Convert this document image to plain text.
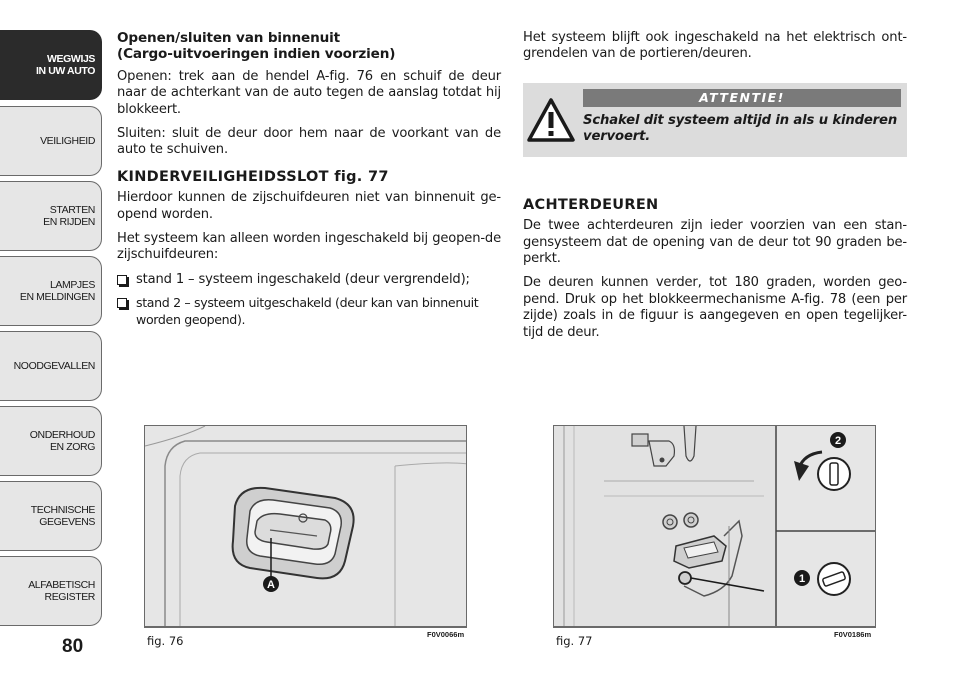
WEGWIJS
IN UW AUTO
VEILIGHEID
STARTEN
EN RIJDEN
LAMPJES
EN MELDINGEN
NOODGEVALLEN
ONDERHOUD
EN ZORG
TECHNISCHE
GEGEVENS
ALFABETISCH
REGISTER
80
Openen/sluiten van binnenuit
(Cargo-uitvoeringen indien voorzien)

Openen: trek aan de hendel A-fig. 76 en schuif de deur naar de achterkant van de auto tegen de aanslag totdat hij blokkeert.

Sluiten: sluit de deur door hem naar de voorkant van de auto te schuiven.

KINDERVEILIGHEIDSSLOT fig. 77

Hierdoor kunnen de zijschuifdeuren niet van binnenuit ge-opend worden.

Het systeem kan alleen worden ingeschakeld bij geopen-de zijschuifdeuren:

stand 1 – systeem ingeschakeld (deur vergrendeld);
stand 2 – systeem uitgeschakeld (deur kan van binnenuit worden geopend).

Het systeem blijft ook ingeschakeld na het elektrisch ont-grendelen van de portieren/deuren.

ATTENTIE!
Schakel dit systeem altijd in als u kinderen vervoert.
ACHTERDEUREN

De twee achterdeuren zijn ieder voorzien van een stan-gensysteem dat de opening van de deur tot 90 graden be-perkt.

De deuren kunnen verder, tot 180 graden, worden geo-pend. Druk op het blokkeermechanisme A-fig. 78 (een per zijde) zoals in de figuur is aangegeven en open tegelijker-tijd de deur.

A
fig. 76	F0V0066m
2
1
fig. 77	F0V0186m
